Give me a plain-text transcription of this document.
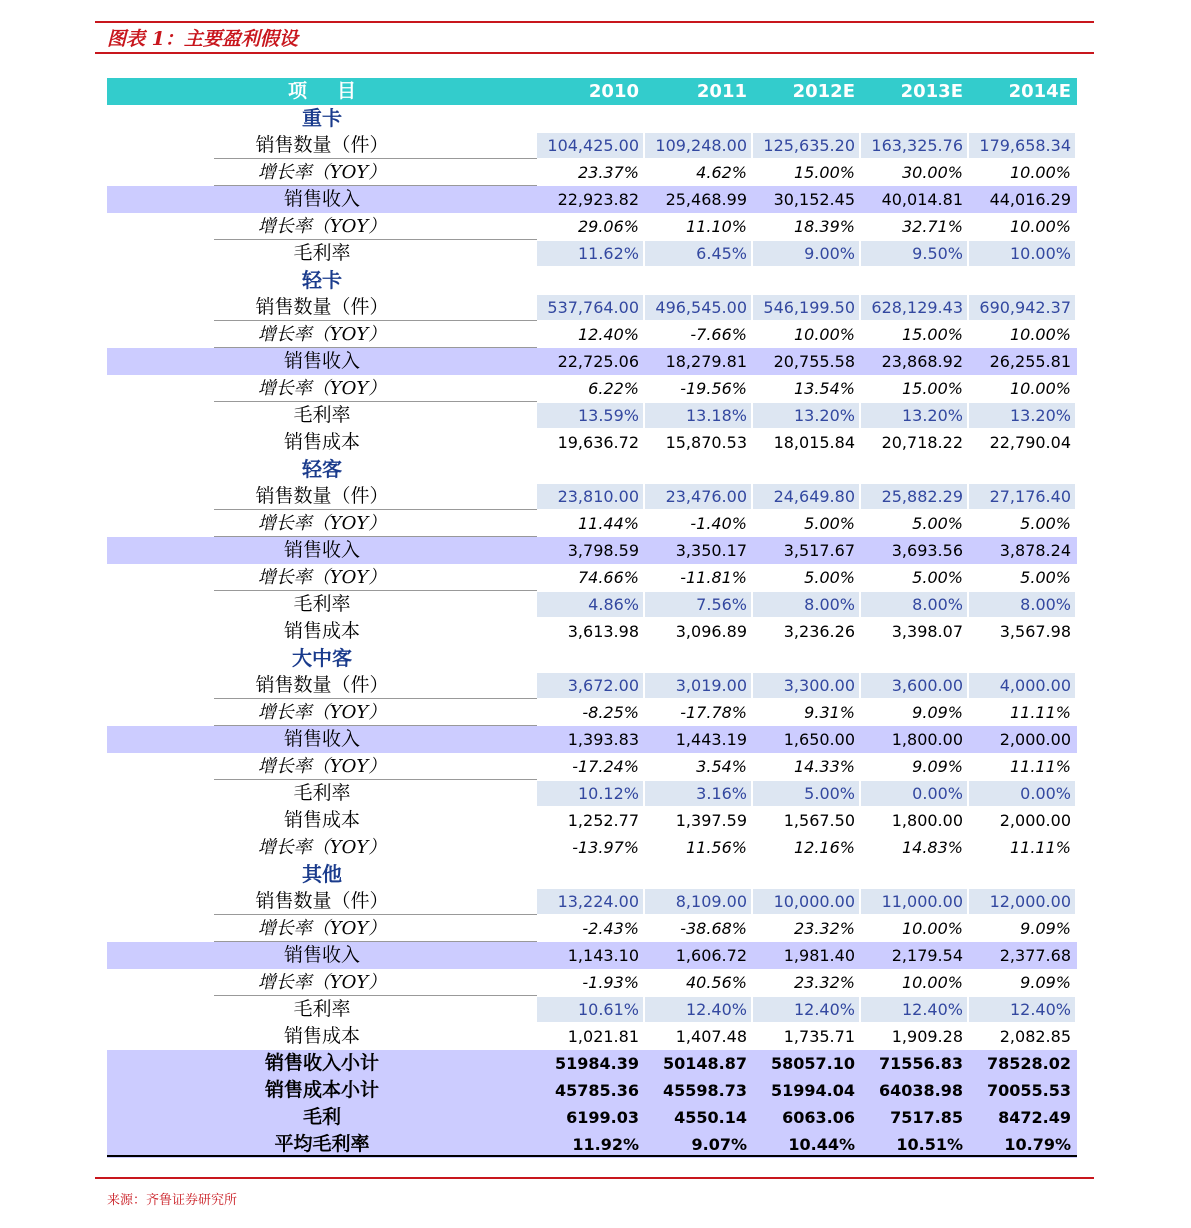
图表 1：主要盈利假设
项目	2010	2011	2012E	2013E	2014E
重卡
销售数量（件）	104,425.00	109,248.00	125,635.20	163,325.76	179,658.34
增长率（YOY）	23.37%	4.62%	15.00%	30.00%	10.00%
销售收入	22,923.82	25,468.99	30,152.45	40,014.81	44,016.29
增长率（YOY）	29.06%	11.10%	18.39%	32.71%	10.00%
毛利率	11.62%	6.45%	9.00%	9.50%	10.00%
轻卡
销售数量（件）	537,764.00	496,545.00	546,199.50	628,129.43	690,942.37
增长率（YOY）	12.40%	-7.66%	10.00%	15.00%	10.00%
销售收入	22,725.06	18,279.81	20,755.58	23,868.92	26,255.81
增长率（YOY）	6.22%	-19.56%	13.54%	15.00%	10.00%
毛利率	13.59%	13.18%	13.20%	13.20%	13.20%
销售成本	19,636.72	15,870.53	18,015.84	20,718.22	22,790.04
轻客
销售数量（件）	23,810.00	23,476.00	24,649.80	25,882.29	27,176.40
增长率（YOY）	11.44%	-1.40%	5.00%	5.00%	5.00%
销售收入	3,798.59	3,350.17	3,517.67	3,693.56	3,878.24
增长率（YOY）	74.66%	-11.81%	5.00%	5.00%	5.00%
毛利率	4.86%	7.56%	8.00%	8.00%	8.00%
销售成本	3,613.98	3,096.89	3,236.26	3,398.07	3,567.98
大中客
销售数量（件）	3,672.00	3,019.00	3,300.00	3,600.00	4,000.00
增长率（YOY）	-8.25%	-17.78%	9.31%	9.09%	11.11%
销售收入	1,393.83	1,443.19	1,650.00	1,800.00	2,000.00
增长率（YOY）	-17.24%	3.54%	14.33%	9.09%	11.11%
毛利率	10.12%	3.16%	5.00%	0.00%	0.00%
销售成本	1,252.77	1,397.59	1,567.50	1,800.00	2,000.00
增长率（YOY）	-13.97%	11.56%	12.16%	14.83%	11.11%
其他
销售数量（件）	13,224.00	8,109.00	10,000.00	11,000.00	12,000.00
增长率（YOY）	-2.43%	-38.68%	23.32%	10.00%	9.09%
销售收入	1,143.10	1,606.72	1,981.40	2,179.54	2,377.68
增长率（YOY）	-1.93%	40.56%	23.32%	10.00%	9.09%
毛利率	10.61%	12.40%	12.40%	12.40%	12.40%
销售成本	1,021.81	1,407.48	1,735.71	1,909.28	2,082.85
销售收入小计	51984.39	50148.87	58057.10	71556.83	78528.02
销售成本小计	45785.36	45598.73	51994.04	64038.98	70055.53
毛利	6199.03	4550.14	6063.06	7517.85	8472.49
平均毛利率	11.92%	9.07%	10.44%	10.51%	10.79%
来源：齐鲁证券研究所
